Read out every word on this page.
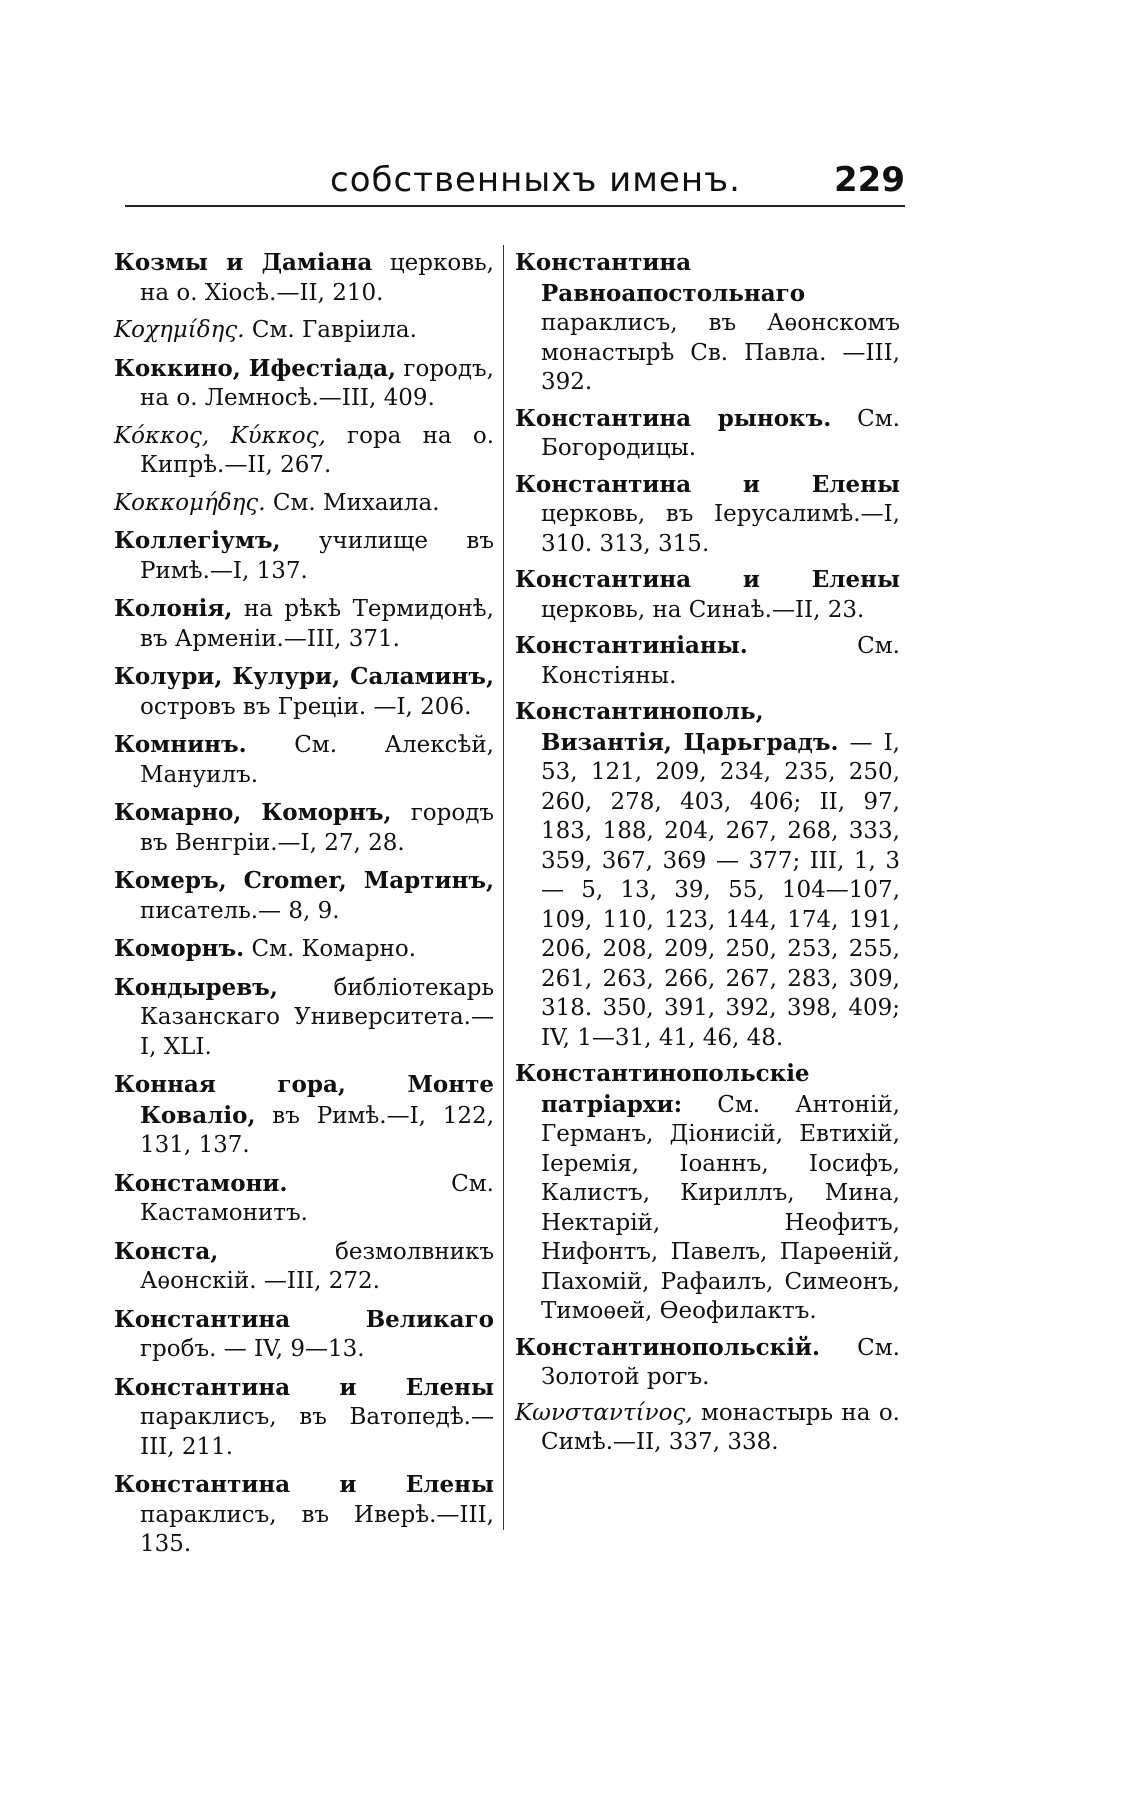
собственныхъ именъ.	229

Козмы и Даміана церковь, на о. Хіосѣ.—II, 210.

Κοχημίδης. См. Гавріила.

Коккино, Ифестіада, городъ, на о. Лемносѣ.—III, 409.

Κόκκος, Κύκκος, гора на о. Кипрѣ.—II, 267.

Κοκκομήδης. См. Михаила.

Коллегіумъ, училище въ Римѣ.—I, 137.

Колонія, на рѣкѣ Термидонѣ, въ Арменіи.—III, 371.

Колури, Кулури, Саламинъ, островъ въ Греціи. —I, 206.

Комнинъ. См. Алексѣй, Мануилъ.

Комарно, Коморнъ, городъ въ Венгріи.—I, 27, 28.

Комеръ, Cromer, Мартинъ, писатель.— 8, 9.

Коморнъ. См. Комарно.

Кондыревъ, библіотекарь Казанскаго Университета.—I, XLI.

Конная гора, Монте Коваліо, въ Римѣ.—I, 122, 131, 137.

Констамони. См. Кастамонитъ.

Конста, безмолвникъ Аѳонскій. —III, 272.

Константина Великаго гробъ. — IV, 9—13.

Константина и Елены параклисъ, въ Ватопедѣ.—III, 211.

Константина и Елены параклисъ, въ Иверѣ.—III, 135.

Константина Равноапостольнаго параклисъ, въ Аѳонскомъ монастырѣ Св. Павла. —III, 392.

Константина рынокъ. См. Богородицы.

Константина и Елены церковь, въ Іерусалимѣ.—I, 310. 313, 315.

Константина и Елены церковь, на Синаѣ.—II, 23.

Константиніаны. См. Констіяны.

Константинополь, Византія, Царьградъ. — I, 53, 121, 209, 234, 235, 250, 260, 278, 403, 406; II, 97, 183, 188, 204, 267, 268, 333, 359, 367, 369 — 377; III, 1, 3 — 5, 13, 39, 55, 104—107, 109, 110, 123, 144, 174, 191, 206, 208, 209, 250, 253, 255, 261, 263, 266, 267, 283, 309, 318. 350, 391, 392, 398, 409; IV, 1—31, 41, 46, 48.

Константинопольскіе патріархи: См. Антоній, Германъ, Діонисій, Евтихій, Іеремія, Іоаннъ, Іосифъ, Калистъ, Кириллъ, Мина, Нектарій, Неофитъ, Нифонтъ, Павелъ, Парѳеній, Пахомій, Рафаилъ, Симеонъ, Тимоѳей, Ѳеофилактъ.

Константинопольскій. См. Золотой рогъ.

Κωνσταντίνος, монастырь на о. Симѣ.—II, 337, 338.
